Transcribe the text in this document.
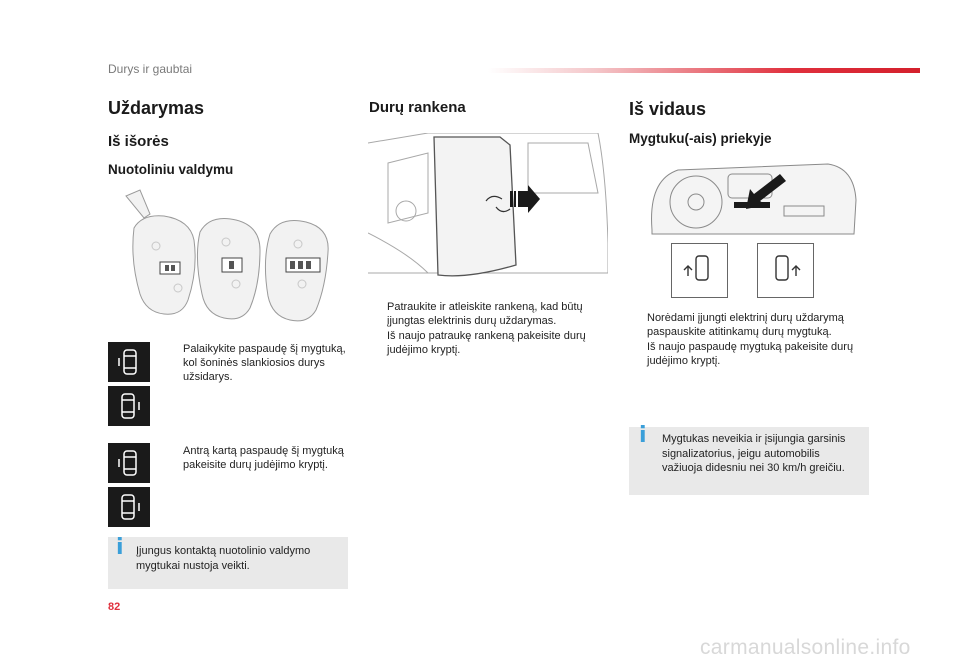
Durys ir gaubtai
Uždarymas
Iš išorės
Nuotoliniu valdymu
Palaikykite paspaudę šį mygtuką, kol šoninės slankiosios durys užsidarys.
Antrą kartą paspaudę šį mygtuką pakeisite durų judėjimo kryptį.
i Įjungus kontaktą nuotolinio valdymo mygtukai nustoja veikti.
Durų rankena
Patraukite ir atleiskite rankeną, kad būtų įjungtas elektrinis durų uždarymas.
Iš naujo patraukę rankeną pakeisite durų judėjimo kryptį.
Iš vidaus
Mygtuku(-ais) priekyje
Norėdami įjungti elektrinį durų uždarymą paspauskite atitinkamų durų mygtuką.
Iš naujo paspaudę mygtuką pakeisite durų judėjimo kryptį.
i Mygtukas neveikia ir įsijungia garsinis signalizatorius, jeigu automobilis važiuoja didesniu nei 30 km/h greičiu.
82
carmanualsonline.info
